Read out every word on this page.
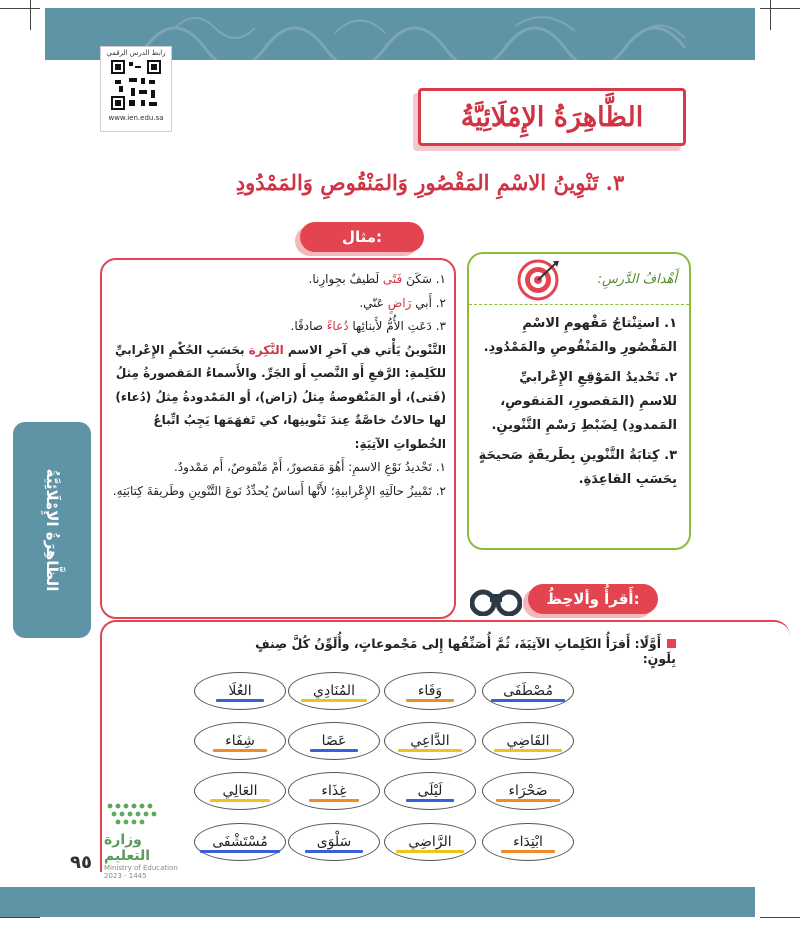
رابط الدرس الرقمي
www.ien.edu.sa	الظَّاهِرَةُ الإِمْلَائِيَّةُ
٣. تَنْوِينُ الاسْمِ المَقْصُورِ وَالمَنْقُوصِ وَالمَمْدُودِ
الظَّاهِرَةُ الإِمْلَائِيَّةُ
مثال:

١. سَكَنَ فَتًى لَطيفٌ بجِوارِنا.

٢. أَبي رَاضٍ عَنّي.

٣. دَعَتِ الأُمُّ لأَبنائِها دُعاءً صادقًا.

التَّنْوينُ يَأْتي في آخرِ الاسم النَّكِرة بحَسَبِ الحُكْمِ الإِعْرابيِّ للكَلِمةِ: الرَّفعِ أَو النَّصبِ أَو الجَرِّ. والأَسماءُ المَقصورةُ مِثلُ (فَتى)، أو المَنْقوصةُ مِثلُ (رَاض)، أو المَمْدودةُ مِثلُ (دُعاء) لها حالاتٌ خاصَّةٌ عِندَ تَنْوينِها، كي تَفهَمَها يَجِبُ اتِّباعُ الخُطواتِ الآتِيَةِ:

١. تَحْديدُ نَوْعِ الاسمِ: أَهُوَ مَقصورٌ، أَمْ مَنْقوصٌ، أَم مَمْدودٌ.

٢. تَمْييزُ حالَتِهِ الإِعْرابيةِ؛ لأَنَّها أَساسٌ يُحدِّدُ نَوعَ التَّنْوينِ وطَريقةَ كِتابَتِهِ.

أَهْدافُ الدَّرسِ:

١. استِنْتاجُ مَفْهومِ الاسْمِ المَقْصُورِ والمَنْقُوصِ والمَمْدُودِ.

٢. تَحْديدُ المَوْقِعِ الإِعْرابيِّ للاسمِ (المَقصورِ، المَنقوصِ، المَمدودِ) لِضَبْطِ رَسْمِ التَّنْوينِ.

٣. كِتابَةُ التَّنْوينِ بِطَريقَةٍ صَحيحَةٍ بِحَسَبِ القاعِدَةِ.

أَقرأُ وألاحِظُ:
أَوَّلًا: أَقرَأُ الكَلِماتِ الآتِيَةَ، ثُمَّ أُصَنِّفُها إِلى مَجْموعاتٍ، وأُلَوِّنُ كُلَّ صِنفٍ بِلَونٍ:
مُصْطَفَى
وَفَاء
المُنَادِي
العُلَا
القَاضِي
الدَّاعِي
عَصًا
شِفَاء
صَحْرَاء
لَيْلَى
غِذَاء
العَالِي
ابْتِدَاء
الرَّاضِي
سَلْوَى
مُسْتَشْفَى
وزارة التعليم
Ministry of Education
2023 - 1445
٩٥
